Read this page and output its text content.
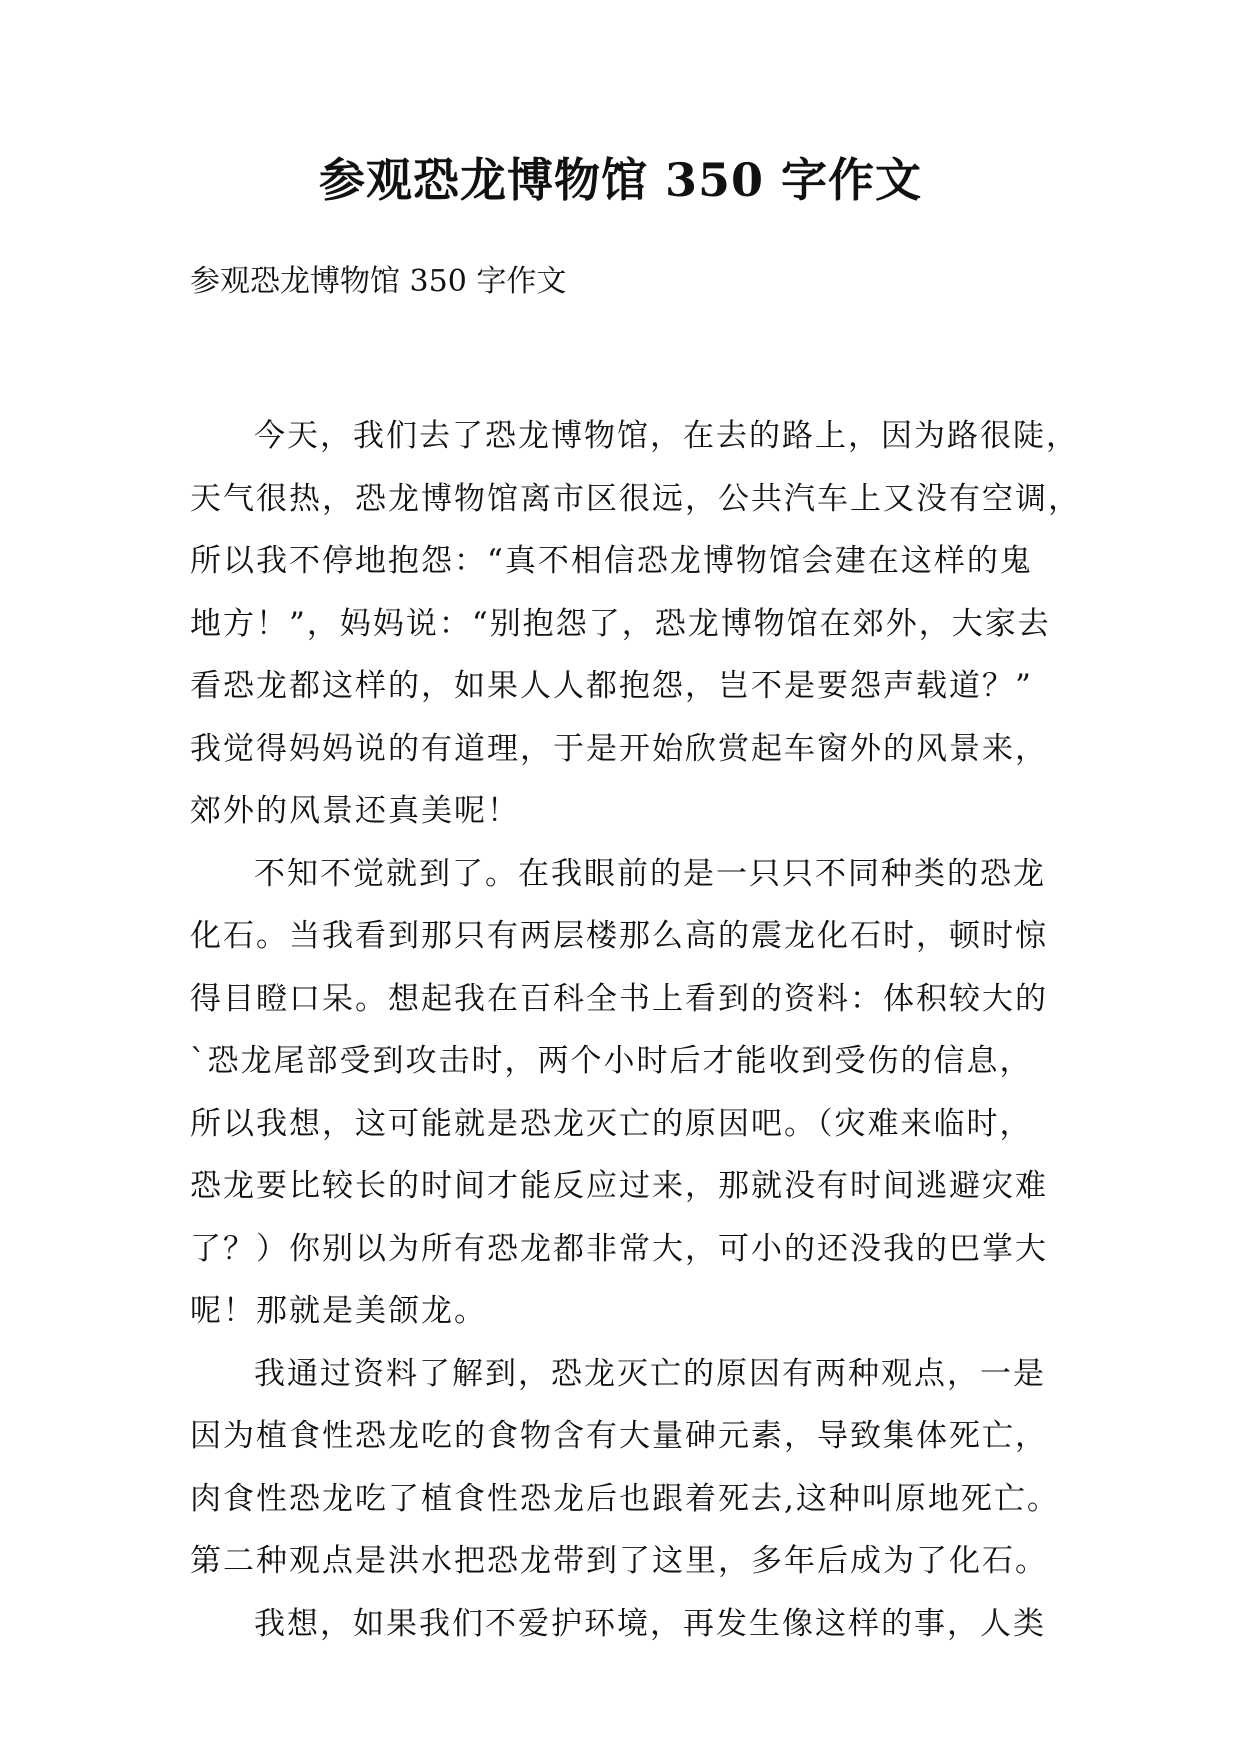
参观恐龙博物馆 350 字作文
参观恐龙博物馆 350 字作文
今天，我们去了恐龙博物馆，在去的路上，因为路很陡，
天气很热，恐龙博物馆离市区很远，公共汽车上又没有空调，
所以我不停地抱怨：“真不相信恐龙博物馆会建在这样的鬼
地方！”，妈妈说：“别抱怨了，恐龙博物馆在郊外，大家去
看恐龙都这样的，如果人人都抱怨，岂不是要怨声载道？”
我觉得妈妈说的有道理，于是开始欣赏起车窗外的风景来，
郊外的风景还真美呢！
不知不觉就到了。在我眼前的是一只只不同种类的恐龙
化石。当我看到那只有两层楼那么高的震龙化石时，顿时惊
得目瞪口呆。想起我在百科全书上看到的资料：体积较大的
`恐龙尾部受到攻击时，两个小时后才能收到受伤的信息，
所以我想，这可能就是恐龙灭亡的原因吧。（灾难来临时，
恐龙要比较长的时间才能反应过来，那就没有时间逃避灾难
了？）你别以为所有恐龙都非常大，可小的还没我的巴掌大
呢！那就是美颌龙。
我通过资料了解到，恐龙灭亡的原因有两种观点，一是
因为植食性恐龙吃的食物含有大量砷元素，导致集体死亡，
肉食性恐龙吃了植食性恐龙后也跟着死去,这种叫原地死亡。
第二种观点是洪水把恐龙带到了这里，多年后成为了化石。
我想，如果我们不爱护环境，再发生像这样的事，人类
